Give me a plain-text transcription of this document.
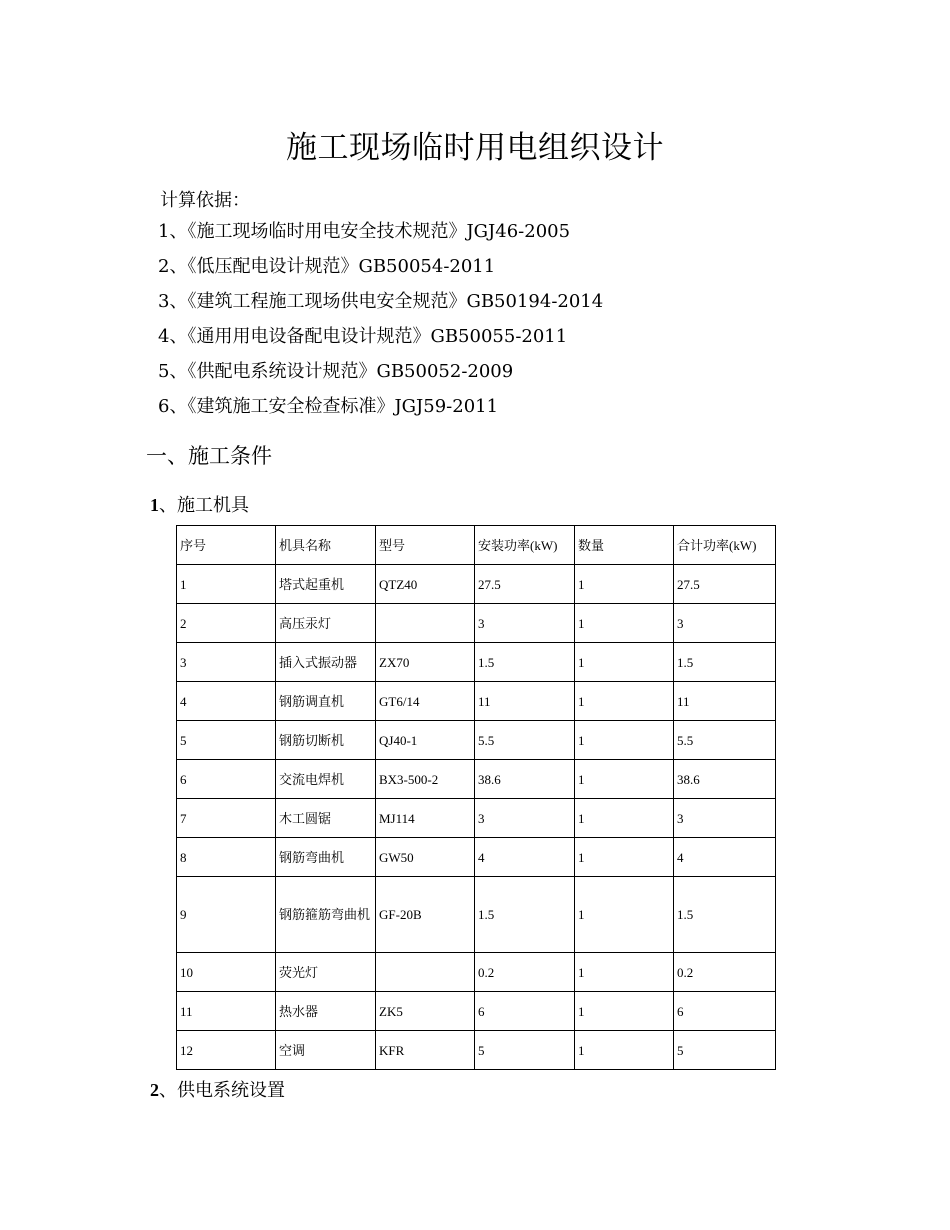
施工现场临时用电组织设计
计算依据：
1、《施工现场临时用电安全技术规范》JGJ46-2005
2、《低压配电设计规范》GB50054-2011
3、《建筑工程施工现场供电安全规范》GB50194-2014
4、《通用用电设备配电设计规范》GB50055-2011
5、《供配电系统设计规范》GB50052-2009
6、《建筑施工安全检查标准》JGJ59-2011
一、施工条件
1、施工机具
序号	机具名称	型号	安装功率(kW)	数量	合计功率(kW)
1	塔式起重机	QTZ40	27.5	1	27.5
2	高压汞灯		3	1	3
3	插入式振动器	ZX70	1.5	1	1.5
4	钢筋调直机	GT6/14	11	1	11
5	钢筋切断机	QJ40-1	5.5	1	5.5
6	交流电焊机	BX3-500-2	38.6	1	38.6
7	木工圆锯	MJ114	3	1	3
8	钢筋弯曲机	GW50	4	1	4
9	钢筋箍筋弯曲机	GF-20B	1.5	1	1.5
10	荧光灯		0.2	1	0.2
11	热水器	ZK5	6	1	6
12	空调	KFR	5	1	5
2、供电系统设置
